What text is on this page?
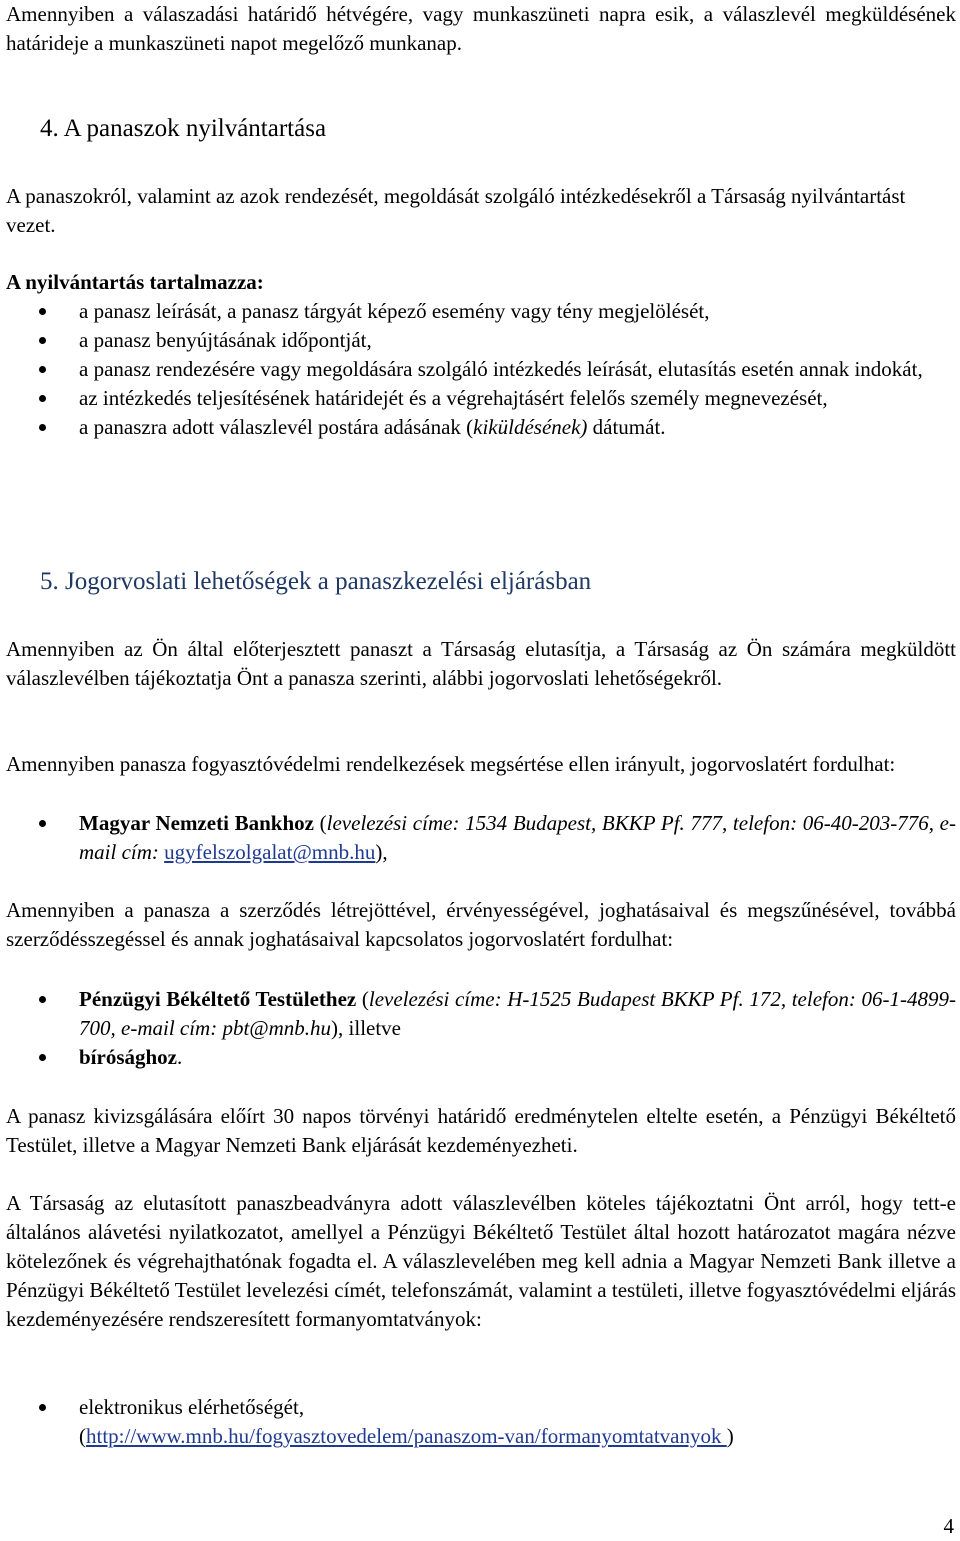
Amennyiben a válaszadási határidő hétvégére, vagy munkaszüneti napra esik, a válaszlevél megküldésének határideje a munkaszüneti napot megelőző munkanap.

4. A panaszok nyilvántartása

A panaszokról, valamint az azok rendezését, megoldását szolgáló intézkedésekről a Társaság nyilvántartást vezet.

A nyilvántartás tartalmazza:

a panasz leírását, a panasz tárgyát képező esemény vagy tény megjelölését,
a panasz benyújtásának időpontját,
a panasz rendezésére vagy megoldására szolgáló intézkedés leírását, elutasítás esetén annak indokát,
az intézkedés teljesítésének határidejét és a végrehajtásért felelős személy megnevezését,
a panaszra adott válaszlevél postára adásának (kiküldésének) dátumát.

5. Jogorvoslati lehetőségek a panaszkezelési eljárásban

Amennyiben az Ön által előterjesztett panaszt a Társaság elutasítja, a Társaság az Ön számára megküldött válaszlevélben tájékoztatja Önt a panasza szerinti, alábbi jogorvoslati lehetőségekről.

Amennyiben panasza fogyasztóvédelmi rendelkezések megsértése ellen irányult, jogorvoslatért fordulhat:

Magyar Nemzeti Bankhoz (levelezési címe: 1534 Budapest, BKKP Pf. 777, telefon: 06-40-203-776, e-mail cím: ugyfelszolgalat@mnb.hu),

Amennyiben a panasza a szerződés létrejöttével, érvényességével, joghatásaival és megszűnésével, továbbá szerződésszegéssel és annak joghatásaival kapcsolatos jogorvoslatért fordulhat:

Pénzügyi Békéltető Testülethez (levelezési címe: H-1525 Budapest BKKP Pf. 172, telefon: 06-1-4899-700, e-mail cím: pbt@mnb.hu), illetve
bírósághoz.

A panasz kivizsgálására előírt 30 napos törvényi határidő eredménytelen eltelte esetén, a Pénzügyi Békéltető Testület, illetve a Magyar Nemzeti Bank eljárását kezdeményezheti.

A Társaság az elutasított panaszbeadványra adott válaszlevélben köteles tájékoztatni Önt arról, hogy tett-e általános alávetési nyilatkozatot, amellyel a Pénzügyi Békéltető Testület által hozott határozatot magára nézve kötelezőnek és végrehajthatónak fogadta el. A válaszlevelében meg kell adnia a Magyar Nemzeti Bank illetve a Pénzügyi Békéltető Testület levelezési címét, telefonszámát, valamint a testületi, illetve fogyasztóvédelmi eljárás kezdeményezésére rendszeresített formanyomtatványok:

elektronikus elérhetőségét,
(http://www.mnb.hu/fogyasztovedelem/panaszom-van/formanyomtatvanyok )
4
